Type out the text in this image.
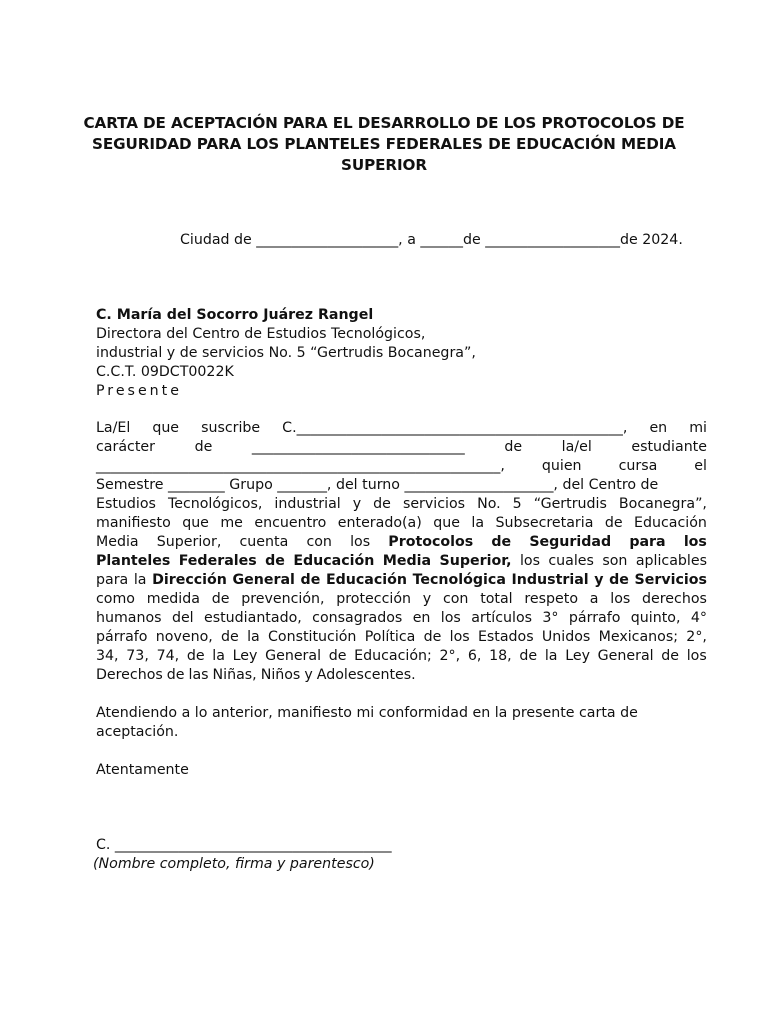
CARTA DE ACEPTACIÓN PARA EL DESARROLLO DE LOS PROTOCOLOS DE
SEGURIDAD PARA LOS PLANTELES FEDERALES DE EDUCACIÓN MEDIA
SUPERIOR
Ciudad de ____________________, a ______de ___________________de 2024.
C. María del Socorro Juárez Rangel
Directora del Centro de Estudios Tecnológicos,
industrial y de servicios No. 5 “Gertrudis Bocanegra”,
C.C.T. 09DCT0022K
Presente
La/El que suscribe C.______________________________________________, en mi
carácter	de	______________________________	de	la/el	estudiante
_________________________________________________________,	quien	cursa	el
Semestre ________ Grupo _______, del turno _____________________, del Centro de
Estudios Tecnológicos, industrial y de servicios No. 5 “Gertrudis Bocanegra”,
manifiesto que me encuentro enterado(a) que la Subsecretaria de Educación
Media Superior, cuenta con los Protocolos de Seguridad para los
Planteles Federales de Educación Media Superior, los cuales son aplicables
para la Dirección General de Educación Tecnológica Industrial y de Servicios
como medida de prevención, protección y con total respeto a los derechos
humanos del estudiantado, consagrados en los artículos 3° párrafo quinto, 4°
párrafo noveno, de la Constitución Política de los Estados Unidos Mexicanos; 2°,
34, 73, 74, de la Ley General de Educación; 2°, 6, 18, de la Ley General de los
Derechos de las Niñas, Niños y Adolescentes.
Atendiendo a lo anterior, manifiesto mi conformidad en la presente carta de aceptación.
Atentamente
C. _______________________________________
(Nombre completo, firma y parentesco)
